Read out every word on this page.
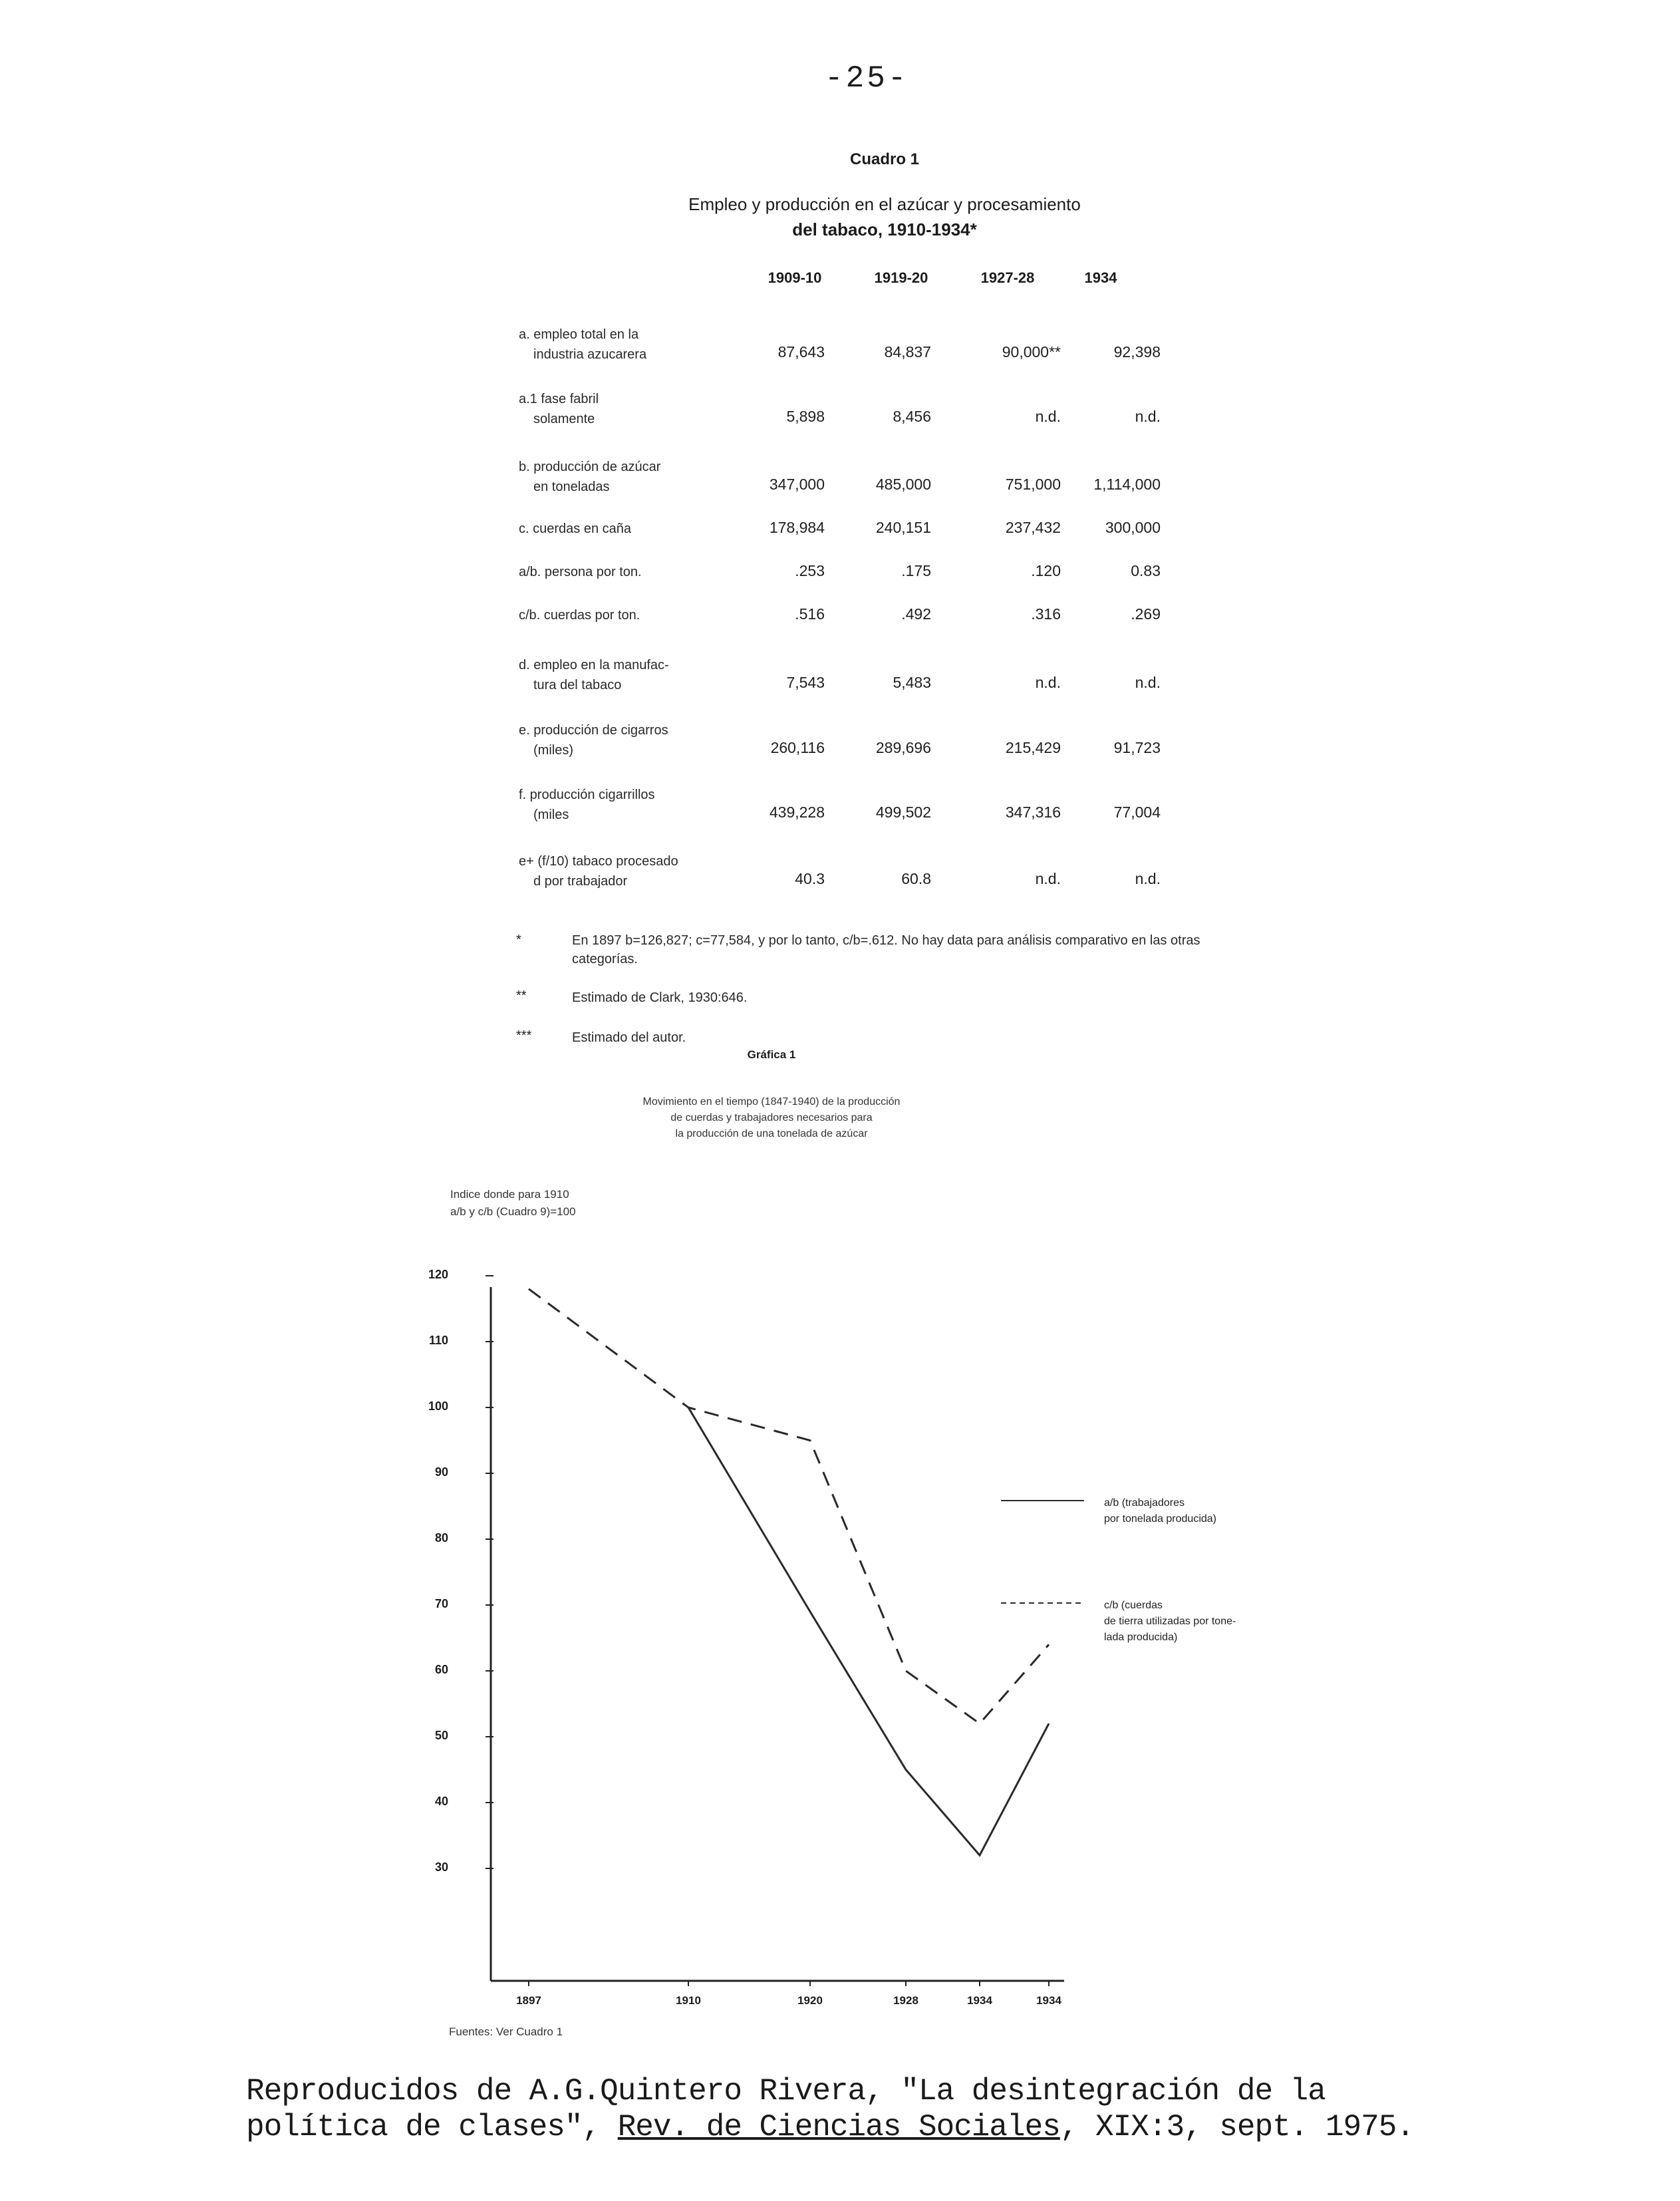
-25-
Cuadro 1
Empleo y producción en el azúcar y procesamiento
del tabaco, 1910-1934*
1909-10	1919-20	1927-28	1934
a. empleo total en la
industria azucarera	87,643	84,837	90,000**	92,398
a.1 fase fabril
solamente	5,898	8,456	n.d.	n.d.
b. producción de azúcar
en toneladas	347,000	485,000	751,000	1,114,000
c. cuerdas en caña	178,984	240,151	237,432	300,000
a/b. persona por ton.	.253	.175	.120	0.83
c/b. cuerdas por ton.	.516	.492	.316	.269
d. empleo en la manufac-
tura del tabaco	7,543	5,483	n.d.	n.d.
e. producción de cigarros
(miles)	260,116	289,696	215,429	91,723
f. producción cigarrillos
(miles	439,228	499,502	347,316	77,004
e+ (f/10) tabaco procesado
d por trabajador	40.3	60.8	n.d.	n.d.
*	En 1897 b=126,827; c=77,584, y por lo tanto, c/b=.612. No hay data para análisis comparativo en las otras categorías.
**	Estimado de Clark, 1930:646.
***	Estimado del autor.
Gráfica 1
Movimiento en el tiempo (1847-1940) de la producción
de cuerdas y trabajadores necesarios para
la producción de una tonelada de azúcar
Indice donde para 1910
a/b y c/b (Cuadro 9)=100
30
40
50
60
70
80
90
100
110
120
1897	1910	1920	1928	1934	1934
a/b (trabajadores
por tonelada producida)
c/b (cuerdas
de tierra utilizadas por tone-
lada producida)
Fuentes: Ver Cuadro 1
Reproducidos de A.G.Quintero Rivera, "La desintegración de la
política de clases", Rev. de Ciencias Sociales, XIX:3, sept. 1975.
